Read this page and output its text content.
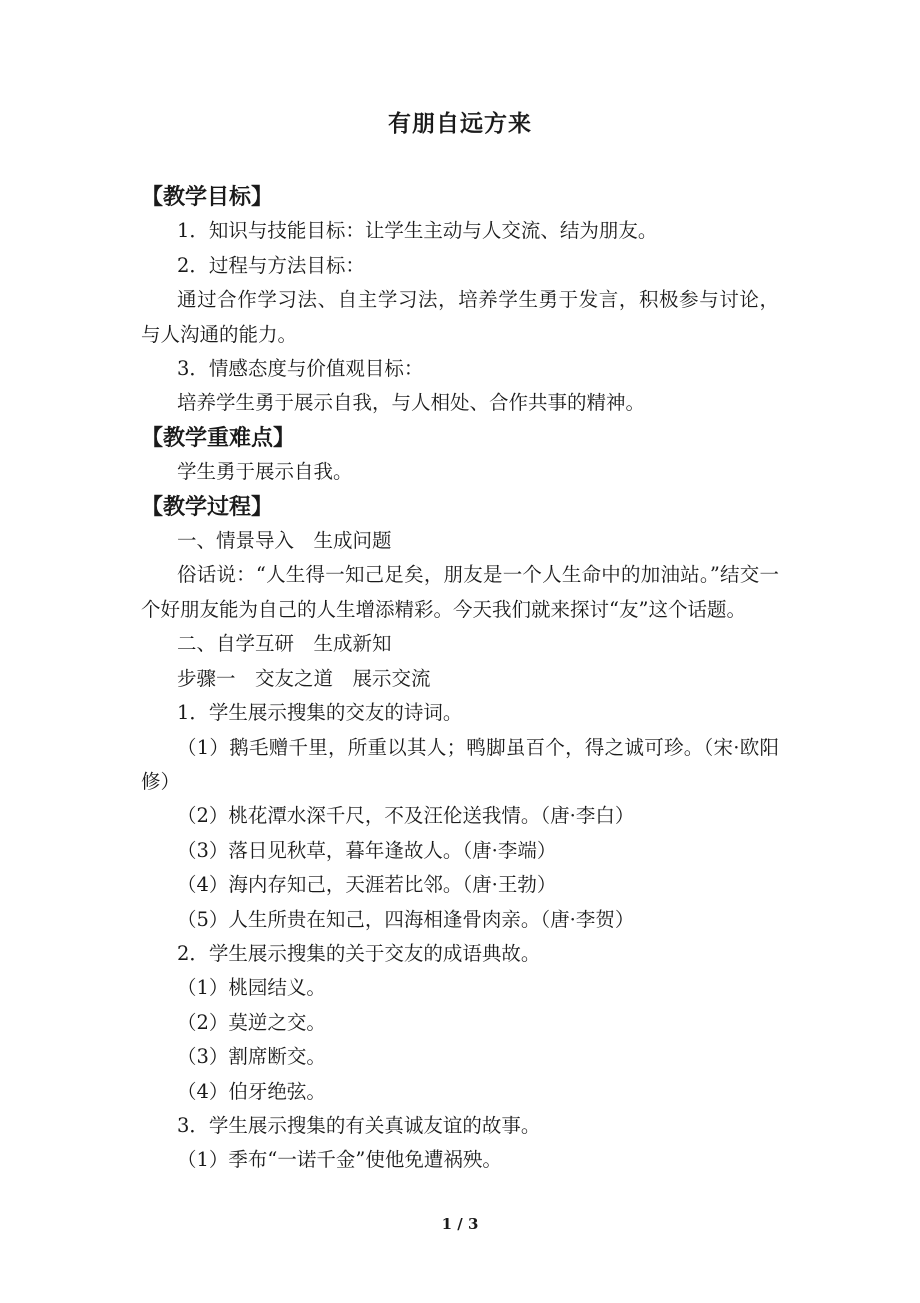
有朋自远方来

【教学目标】

1．知识与技能目标：让学生主动与人交流、结为朋友。

2．过程与方法目标：

通过合作学习法、自主学习法，培养学生勇于发言，积极参与讨论，与人沟通的能力。

3．情感态度与价值观目标：

培养学生勇于展示自我，与人相处、合作共事的精神。

【教学重难点】

学生勇于展示自我。

【教学过程】

一、情景导入　生成问题

俗话说：“人生得一知己足矣，朋友是一个人生命中的加油站。”结交一个好朋友能为自己的人生增添精彩。今天我们就来探讨“友”这个话题。

二、自学互研　生成新知

步骤一　交友之道　展示交流

1．学生展示搜集的交友的诗词。

（1）鹅毛赠千里，所重以其人；鸭脚虽百个，得之诚可珍。（宋·欧阳修）

（2）桃花潭水深千尺，不及汪伦送我情。（唐·李白）

（3）落日见秋草，暮年逢故人。（唐·李端）

（4）海内存知己，天涯若比邻。（唐·王勃）

（5）人生所贵在知己，四海相逢骨肉亲。（唐·李贺）

2．学生展示搜集的关于交友的成语典故。

（1）桃园结义。

（2）莫逆之交。

（3）割席断交。

（4）伯牙绝弦。

3．学生展示搜集的有关真诚友谊的故事。

（1）季布“一诺千金”使他免遭祸殃。

1 / 3
